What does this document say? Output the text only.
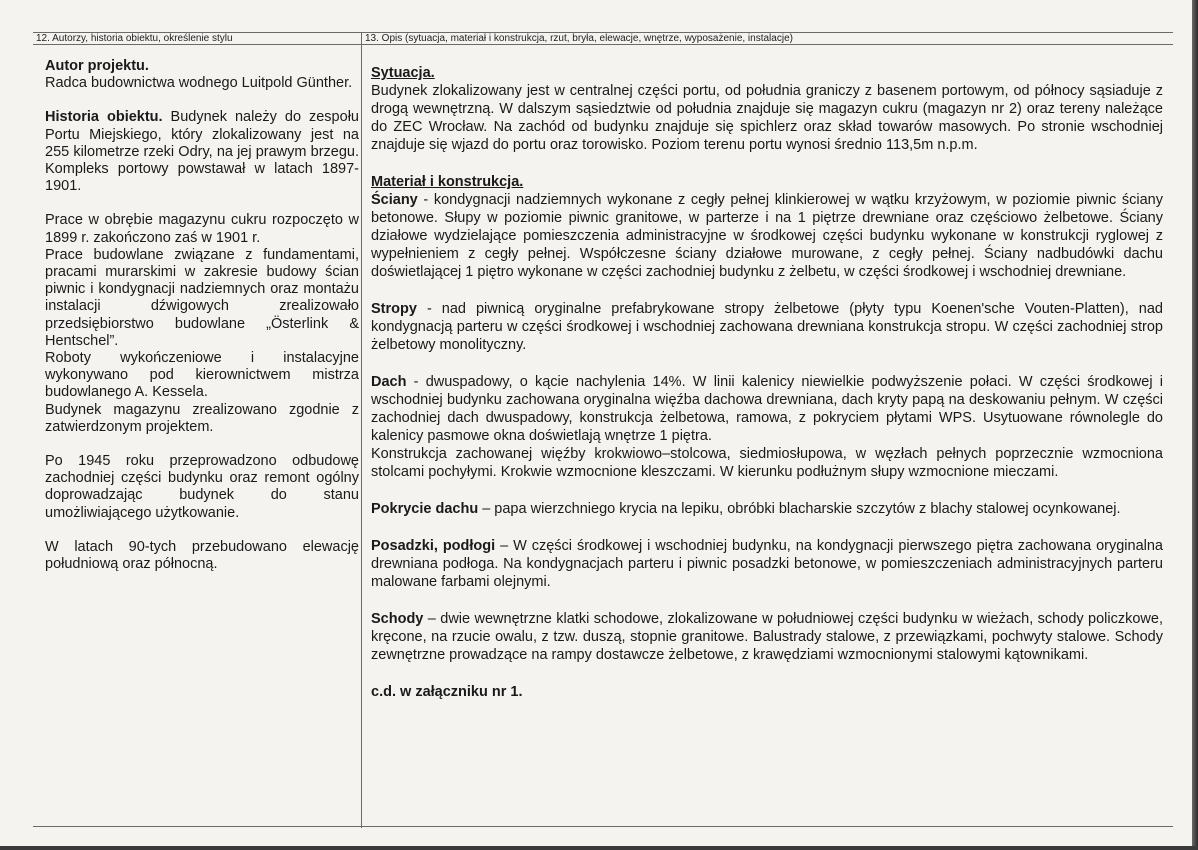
12. Autorzy, historia obiektu, określenie stylu	13. Opis (sytuacja, materiał i konstrukcja, rzut, bryła, elewacje, wnętrze, wyposażenie, instalacje)

Autor projektu.

Radca budownictwa wodnego Luitpold Günther.

Historia obiektu. Budynek należy do zespołu Portu Miejskiego, który zlokalizowany jest na 255 kilometrze rzeki Odry, na jej prawym brzegu. Kompleks portowy powstawał w latach 1897-1901.

Prace w obrębie magazynu cukru rozpoczęto w 1899 r. zakończono zaś w 1901 r.

Prace budowlane związane z fundamentami, pracami murarskimi w zakresie budowy ścian piwnic i kondygnacji nadziemnych oraz montażu instalacji dźwigowych zrealizowało przedsiębiorstwo budowlane „Österlink & Hentschel”.

Roboty wykończeniowe i instalacyjne wykonywano pod kierownictwem mistrza budowlanego A. Kessela.

Budynek magazynu zrealizowano zgodnie z zatwierdzonym projektem.

Po 1945 roku przeprowadzono odbudowę zachodniej części budynku oraz remont ogólny doprowadzając budynek do stanu umożliwiającego użytkowanie.

W latach 90-tych przebudowano elewację południową oraz północną.

Sytuacja.

Budynek zlokalizowany jest w centralnej części portu, od południa graniczy z basenem portowym, od północy sąsiaduje z drogą wewnętrzną. W dalszym sąsiedztwie od południa znajduje się magazyn cukru (magazyn nr 2) oraz tereny należące do ZEC Wrocław. Na zachód od budynku znajduje się spichlerz oraz skład towarów masowych. Po stronie wschodniej znajduje się wjazd do portu oraz torowisko. Poziom terenu portu wynosi średnio 113,5m n.p.m.

Materiał i konstrukcja.

Ściany - kondygnacji nadziemnych wykonane z cegły pełnej klinkierowej w wątku krzyżowym, w poziomie piwnic ściany betonowe. Słupy w poziomie piwnic granitowe, w parterze i na 1 piętrze drewniane oraz częściowo żelbetowe. Ściany działowe wydzielające pomieszczenia administracyjne w środkowej części budynku wykonane w konstrukcji ryglowej z wypełnieniem z cegły pełnej. Współczesne ściany działowe murowane, z cegły pełnej. Ściany nadbudówki dachu doświetlającej 1 piętro wykonane w części zachodniej budynku z żelbetu, w części środkowej i wschodniej drewniane.

Stropy - nad piwnicą oryginalne prefabrykowane stropy żelbetowe (płyty typu Koenen'sche Vouten-Platten), nad kondygnacją parteru w części środkowej i wschodniej zachowana drewniana konstrukcja stropu. W części zachodniej strop żelbetowy monolityczny.

Dach - dwuspadowy, o kącie nachylenia 14%. W linii kalenicy niewielkie podwyższenie połaci. W części środkowej i wschodniej budynku zachowana oryginalna więźba dachowa drewniana, dach kryty papą na deskowaniu pełnym. W części zachodniej dach dwuspadowy, konstrukcja żelbetowa, ramowa, z pokryciem płytami WPS. Usytuowane równolegle do kalenicy pasmowe okna doświetlają wnętrze 1 piętra.

Konstrukcja zachowanej więźby krokwiowo–stolcowa, siedmiosłupowa, w węzłach pełnych poprzecznie wzmocniona stolcami pochyłymi. Krokwie wzmocnione kleszczami. W kierunku podłużnym słupy wzmocnione mieczami.

Pokrycie dachu – papa wierzchniego krycia na lepiku, obróbki blacharskie szczytów z blachy stalowej ocynkowanej.

Posadzki, podłogi – W części środkowej i wschodniej budynku, na kondygnacji pierwszego piętra zachowana oryginalna drewniana podłoga. Na kondygnacjach parteru i piwnic posadzki betonowe, w pomieszczeniach administracyjnych parteru malowane farbami olejnymi.

Schody – dwie wewnętrzne klatki schodowe, zlokalizowane w południowej części budynku w wieżach, schody policzkowe, kręcone, na rzucie owalu, z tzw. duszą, stopnie granitowe. Balustrady stalowe, z przewiązkami, pochwyty stalowe. Schody zewnętrzne prowadzące na rampy dostawcze żelbetowe, z krawędziami wzmocnionymi stalowymi kątownikami.

c.d. w załączniku nr 1.
